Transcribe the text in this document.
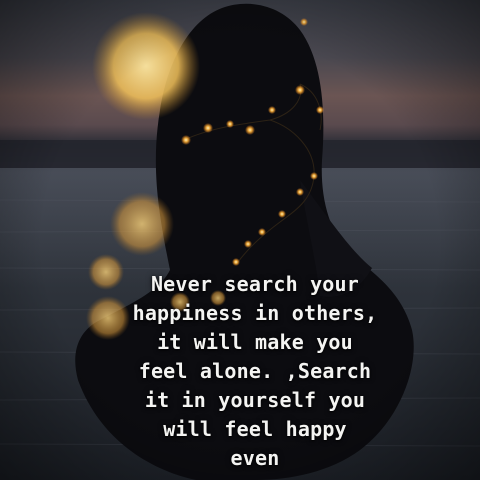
Never search your
happiness in others,
it will make you
feel alone. ,Search
it in yourself you
will feel happy
even
